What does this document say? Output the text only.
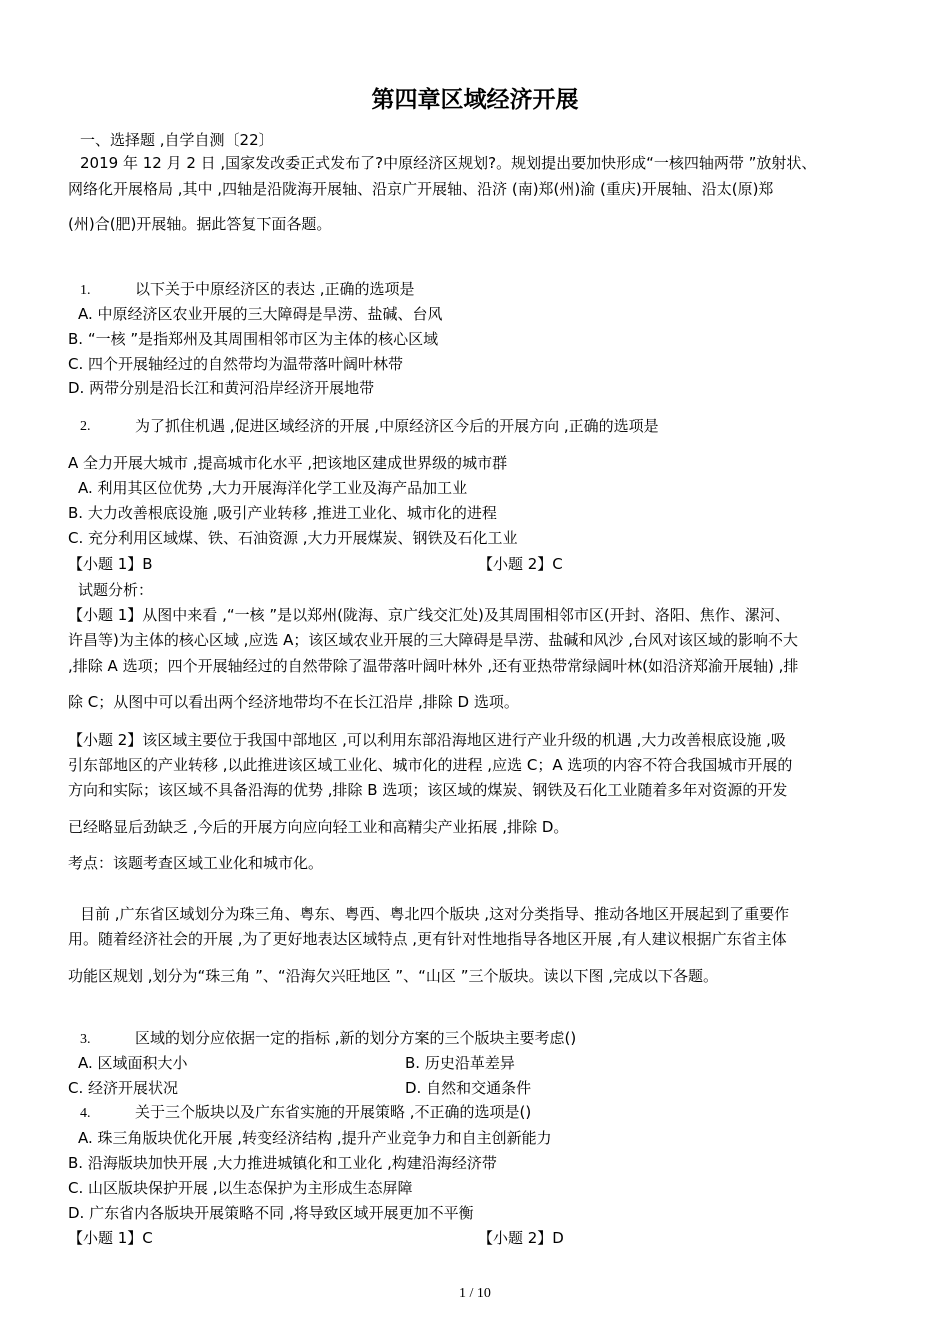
第四章区域经济开展
一、选择题 ,自学自测〔22〕
2019 年 12 月 2 日 ,国家发改委正式发布了?中原经济区规划?。规划提出要加快形成“一核四轴两带 ”放射状、
网络化开展格局 ,其中 ,四轴是沿陇海开展轴、沿京广开展轴、沿济 (南)郑(州)渝 (重庆)开展轴、沿太(原)郑
(州)合(肥)开展轴。据此答复下面各题。
1.	以下关于中原经济区的表达 ,正确的选项是
A. 中原经济区农业开展的三大障碍是旱涝、盐碱、台风
B. “一核 ”是指郑州及其周围相邻市区为主体的核心区域
C. 四个开展轴经过的自然带均为温带落叶阔叶林带
D. 两带分别是沿长江和黄河沿岸经济开展地带
2.	为了抓住机遇 ,促进区域经济的开展 ,中原经济区今后的开展方向 ,正确的选项是
A 全力开展大城市 ,提高城市化水平 ,把该地区建成世界级的城市群
A. 利用其区位优势 ,大力开展海洋化学工业及海产品加工业
B. 大力改善根底设施 ,吸引产业转移 ,推进工业化、城市化的进程
C. 充分利用区域煤、铁、石油资源 ,大力开展煤炭、钢铁及石化工业
【小题 1】B	【小题 2】C
试题分析：
【小题 1】从图中来看 ,“一核 ”是以郑州(陇海、京广线交汇处)及其周围相邻市区(开封、洛阳、焦作、漯河、
许昌等)为主体的核心区域 ,应选 A；该区域农业开展的三大障碍是旱涝、盐碱和风沙 ,台风对该区域的影响不大
,排除 A 选项；四个开展轴经过的自然带除了温带落叶阔叶林外 ,还有亚热带常绿阔叶林(如沿济郑渝开展轴) ,排
除 C；从图中可以看出两个经济地带均不在长江沿岸 ,排除 D 选项。
【小题 2】该区域主要位于我国中部地区 ,可以利用东部沿海地区进行产业升级的机遇 ,大力改善根底设施 ,吸
引东部地区的产业转移 ,以此推进该区域工业化、城市化的进程 ,应选 C；A 选项的内容不符合我国城市开展的
方向和实际；该区域不具备沿海的优势 ,排除 B 选项；该区域的煤炭、钢铁及石化工业随着多年对资源的开发
已经略显后劲缺乏 ,今后的开展方向应向轻工业和高精尖产业拓展 ,排除 D。
考点：该题考查区域工业化和城市化。
目前 ,广东省区域划分为珠三角、粤东、粤西、粤北四个版块 ,这对分类指导、推动各地区开展起到了重要作
用。随着经济社会的开展 ,为了更好地表达区域特点 ,更有针对性地指导各地区开展 ,有人建议根据广东省主体
功能区规划 ,划分为“珠三角 ”、“沿海欠兴旺地区 ”、“山区 ”三个版块。读以下图 ,完成以下各题。
3.	区域的划分应依据一定的指标 ,新的划分方案的三个版块主要考虑()
A. 区域面积大小	B. 历史沿革差异
C. 经济开展状况	D. 自然和交通条件
4.	关于三个版块以及广东省实施的开展策略 ,不正确的选项是()
A. 珠三角版块优化开展 ,转变经济结构 ,提升产业竞争力和自主创新能力
B. 沿海版块加快开展 ,大力推进城镇化和工业化 ,构建沿海经济带
C. 山区版块保护开展 ,以生态保护为主形成生态屏障
D. 广东省内各版块开展策略不同 ,将导致区域开展更加不平衡
【小题 1】C	【小题 2】D
1 / 10
